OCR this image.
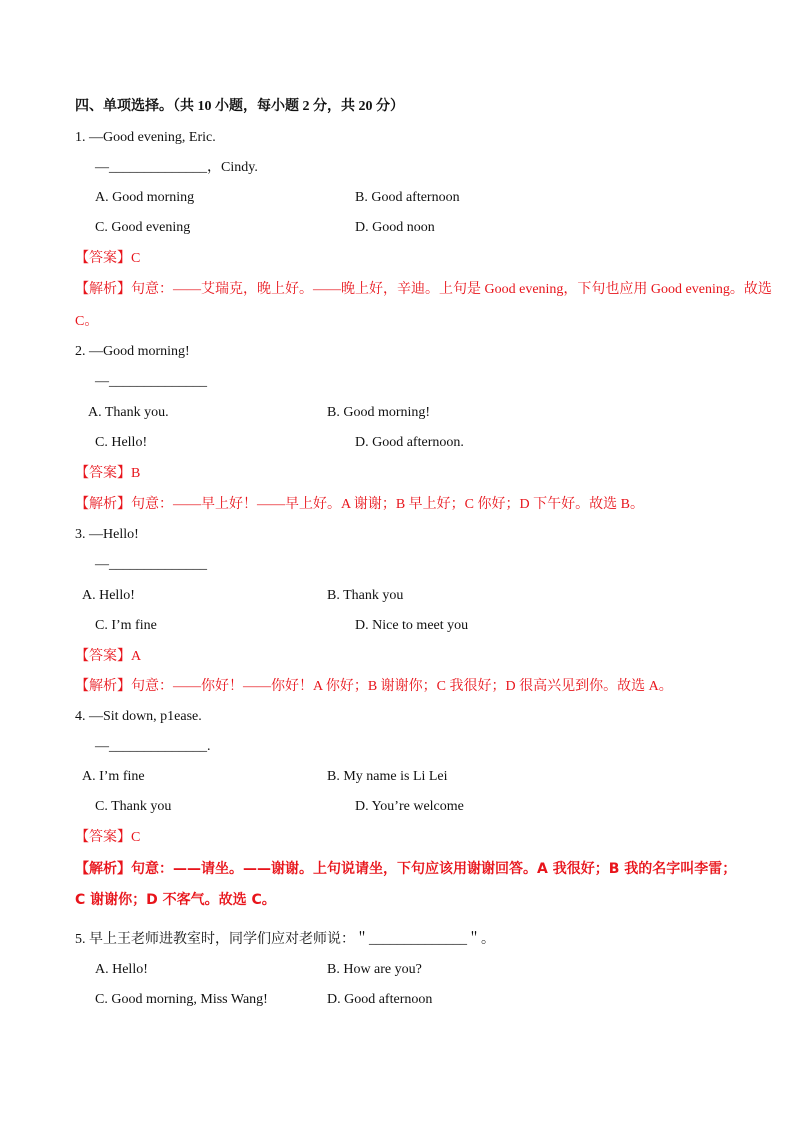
四、单项选择。（共 10 小题，每小题 2 分，共 20 分）
1. —Good evening, Eric.
—______________，Cindy.
A. Good morning	B. Good afternoon
C. Good evening	D. Good noon
【答案】C
【解析】句意：——艾瑞克，晚上好。——晚上好，辛迪。上句是 Good evening，下句也应用 Good evening。故选
C。
2. —Good morning!
—______________
A. Thank you.	B. Good morning!
C. Hello!	D. Good afternoon.
【答案】B
【解析】句意：——早上好！——早上好。A 谢谢；B 早上好；C 你好；D 下午好。故选 B。
3. —Hello!
—______________
A. Hello!	B. Thank you
C. I’m fine	D. Nice to meet you
【答案】A
【解析】句意：——你好！——你好！A 你好；B 谢谢你；C 我很好；D 很高兴见到你。故选 A。
4. —Sit down, p1ease.
—______________.
A. I’m fine	B. My name is Li Lei
C. Thank you	D. You’re welcome
【答案】C
【解析】句意：——请坐。——谢谢。上句说请坐，下句应该用谢谢回答。A 我很好；B 我的名字叫李雷；
C 谢谢你；D 不客气。故选 C。
5. 早上王老师进教室时，同学们应对老师说：＂______________＂。
A. Hello!	B. How are you?
C. Good morning, Miss Wang!	D. Good afternoon
